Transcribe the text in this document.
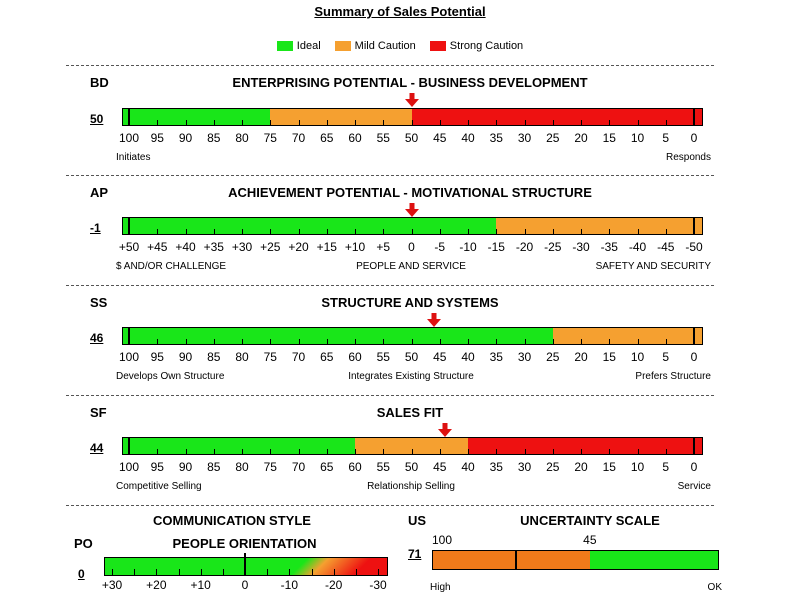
Summary of Sales Potential
Ideal	Mild Caution	Strong Caution
BD	ENTERPRISING POTENTIAL - BUSINESS DEVELOPMENT
50
100 95 90 85 80 75 70 65 60 55 50 45 40 35 30 25 20 15 10 5 0
Initiates	Responds
AP	ACHIEVEMENT POTENTIAL - MOTIVATIONAL STRUCTURE
-1
+50 +45 +40 +35 +30 +25 +20 +15 +10 +5 0 -5 -10 -15 -20 -25 -30 -35 -40 -45 -50
$ AND/OR CHALLENGE	PEOPLE AND SERVICE	SAFETY AND SECURITY
SS	STRUCTURE AND SYSTEMS
46
100 95 90 85 80 75 70 65 60 55 50 45 40 35 30 25 20 15 10 5 0
Develops Own Structure	Integrates Existing Structure	Prefers Structure
SF	SALES FIT
44
100 95 90 85 80 75 70 65 60 55 50 45 40 35 30 25 20 15 10 5 0
Competitive Selling	Relationship Selling	Service
COMMUNICATION STYLE
PO	PEOPLE ORIENTATION
0
+30 +20 +10	0	-10 -20 -30
US	UNCERTAINTY SCALE
71
100	45
High	OK
